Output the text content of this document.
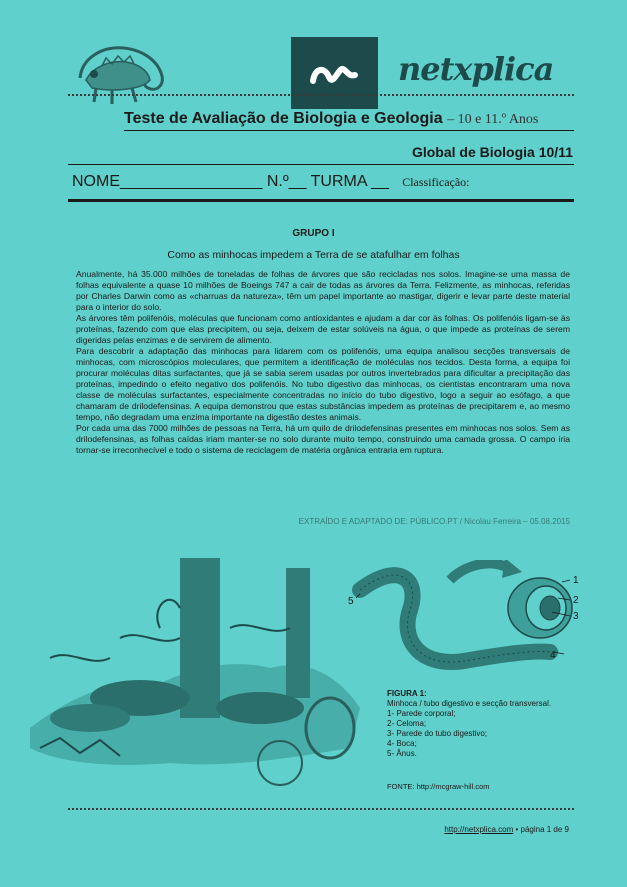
netxplica
Teste de Avaliação de Biologia e Geologia – 10 e 11.º Anos
Global de Biologia 10/11
NOME________________ N.º__ TURMA __ Classificação:
GRUPO I
Como as minhocas impedem a Terra de se atafulhar em folhas

Anualmente, há 35.000 milhões de toneladas de folhas de árvores que são recicladas nos solos. Imagine-se uma massa de folhas equivalente a quase 10 milhões de Boeings 747 a cair de todas as árvores da Terra. Felizmente, as minhocas, referidas por Charles Darwin como as «charruas da natureza», têm um papel importante ao mastigar, digerir e levar parte deste material para o interior do solo.

As árvores têm polifenóis, moléculas que funcionam como antioxidantes e ajudam a dar cor às folhas. Os polifenóis ligam-se às proteínas, fazendo com que elas precipitem, ou seja, deixem de estar solúveis na água, o que impede as proteínas de serem digeridas pelas enzimas e de servirem de alimento.

Para descobrir a adaptação das minhocas para lidarem com os polifenóis, uma equipa analisou secções transversais de minhocas, com microscópios moleculares, que permitem a identificação de moléculas nos tecidos. Desta forma, a equipa foi procurar moléculas ditas surfactantes, que já se sabia serem usadas por outros invertebrados para dificultar a precipitação das proteínas, impedindo o efeito negativo dos polifenóis. No tubo digestivo das minhocas, os cientistas encontraram uma nova classe de moléculas surfactantes, especialmente concentradas no início do tubo digestivo, logo a seguir ao esófago, a que chamaram de drilodefensinas. A equipa demonstrou que estas substâncias impedem as proteínas de precipitarem e, ao mesmo tempo, não degradam uma enzima importante na digestão destes animais.

Por cada uma das 7000 milhões de pessoas na Terra, há um quilo de drilodefensinas presentes em minhocas nos solos. Sem as drilodefensinas, as folhas caídas iriam manter-se no solo durante muito tempo, construindo uma camada grossa. O campo iria tornar-se irreconhecível e todo o sistema de reciclagem de matéria orgânica entraria em ruptura.

EXTRAÍDO E ADAPTADO DE: PÚBLICO.PT / Nicolau Ferreira – 05.08.2015
1
2
3
4
5
FIGURA 1:
Minhoca / tubo digestivo e secção transversal.
1- Parede corporal;
2- Celoma;
3- Parede do tubo digestivo;
4- Boca;
5- Ânus.
FONTE: http://mcgraw-hill.com
http://netxplica.com • página 1 de 9
